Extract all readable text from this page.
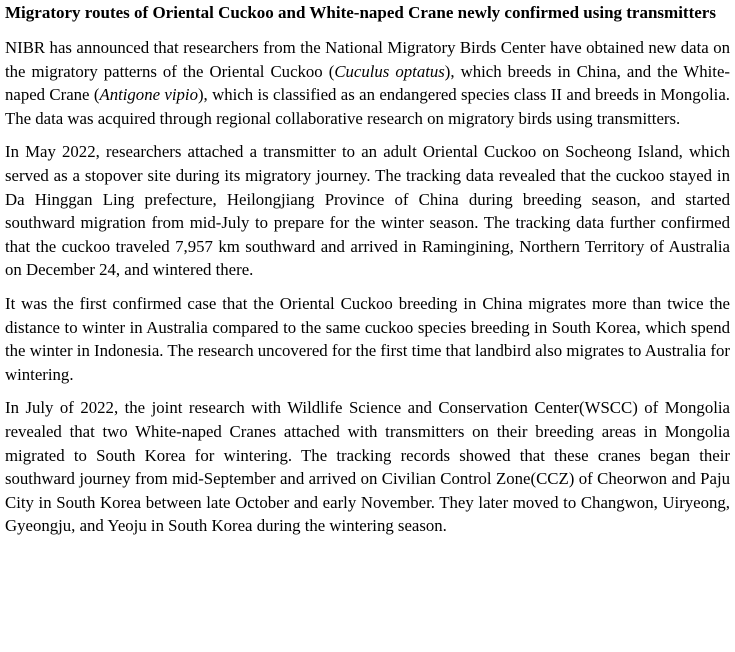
Migratory routes of Oriental Cuckoo and White-naped Crane newly confirmed using transmitters

NIBR has announced that researchers from the National Migratory Birds Center have obtained new data on the migratory patterns of the Oriental Cuckoo (Cuculus optatus), which breeds in China, and the White-naped Crane (Antigone vipio), which is classified as an endangered species class II and breeds in Mongolia. The data was acquired through regional collaborative research on migratory birds using transmitters.

In May 2022, researchers attached a transmitter to an adult Oriental Cuckoo on Socheong Island, which served as a stopover site during its migratory journey. The tracking data revealed that the cuckoo stayed in Da Hinggan Ling prefecture, Heilongjiang Province of China during breeding season, and started southward migration from mid-July to prepare for the winter season. The tracking data further confirmed that the cuckoo traveled 7,957 km southward and arrived in Ramingining, Northern Territory of Australia on December 24, and wintered there.

It was the first confirmed case that the Oriental Cuckoo breeding in China migrates more than twice the distance to winter in Australia compared to the same cuckoo species breeding in South Korea, which spend the winter in Indonesia. The research uncovered for the first time that landbird also migrates to Australia for wintering.

In July of 2022, the joint research with Wildlife Science and Conservation Center(WSCC) of Mongolia revealed that two White-naped Cranes attached with transmitters on their breeding areas in Mongolia migrated to South Korea for wintering. The tracking records showed that these cranes began their southward journey from mid-September and arrived on Civilian Control Zone(CCZ) of Cheorwon and Paju City in South Korea between late October and early November. They later moved to Changwon, Uiryeong, Gyeongju, and Yeoju in South Korea during the wintering season.
